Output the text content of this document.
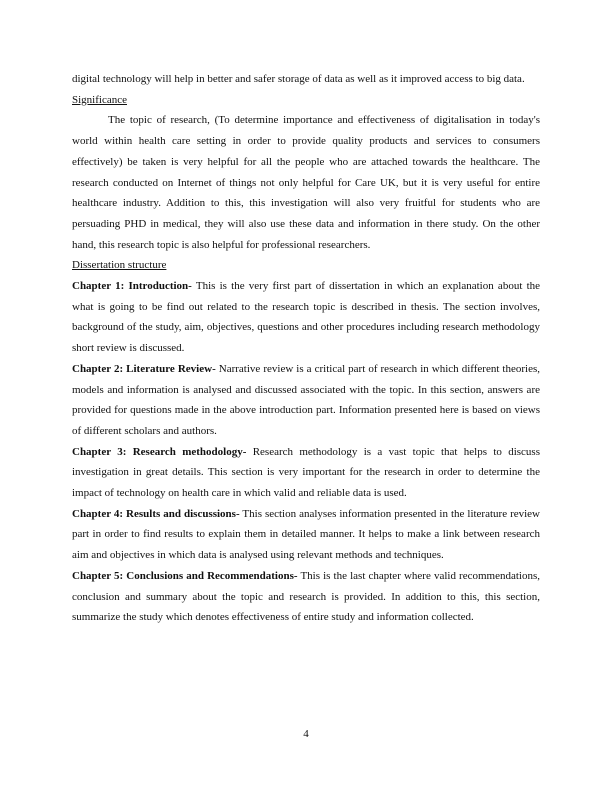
digital technology will help in better and safer storage of data as well as it improved access to big data.

Significance

The topic of research, (To determine importance and effectiveness of digitalisation in today's world within health care setting in order to provide quality products and services to consumers effectively) be taken is very helpful for all the people who are attached towards the healthcare. The research conducted on Internet of things not only helpful for Care UK, but it is very useful for entire healthcare industry. Addition to this, this investigation will also very fruitful for students who are persuading PHD in medical, they will also use these data and information in there study. On the other hand, this research topic is also helpful for professional researchers.

Dissertation structure

Chapter 1: Introduction- This is the very first part of dissertation in which an explanation about the what is going to be find out related to the research topic is described in thesis. The section involves, background of the study, aim, objectives, questions and other procedures including research methodology short review is discussed.

Chapter 2: Literature Review- Narrative review is a critical part of research in which different theories, models and information is analysed and discussed associated with the topic. In this section, answers are provided for questions made in the above introduction part. Information presented here is based on views of different scholars and authors.

Chapter 3: Research methodology- Research methodology is a vast topic that helps to discuss investigation in great details. This section is very important for the research in order to determine the impact of technology on health care in which valid and reliable data is used.

Chapter 4: Results and discussions- This section analyses information presented in the literature review part in order to find results to explain them in detailed manner. It helps to make a link between research aim and objectives in which data is analysed using relevant methods and techniques.

Chapter 5: Conclusions and Recommendations- This is the last chapter where valid recommendations, conclusion and summary about the topic and research is provided. In addition to this, this section, summarize the study which denotes effectiveness of entire study and information collected.

4
